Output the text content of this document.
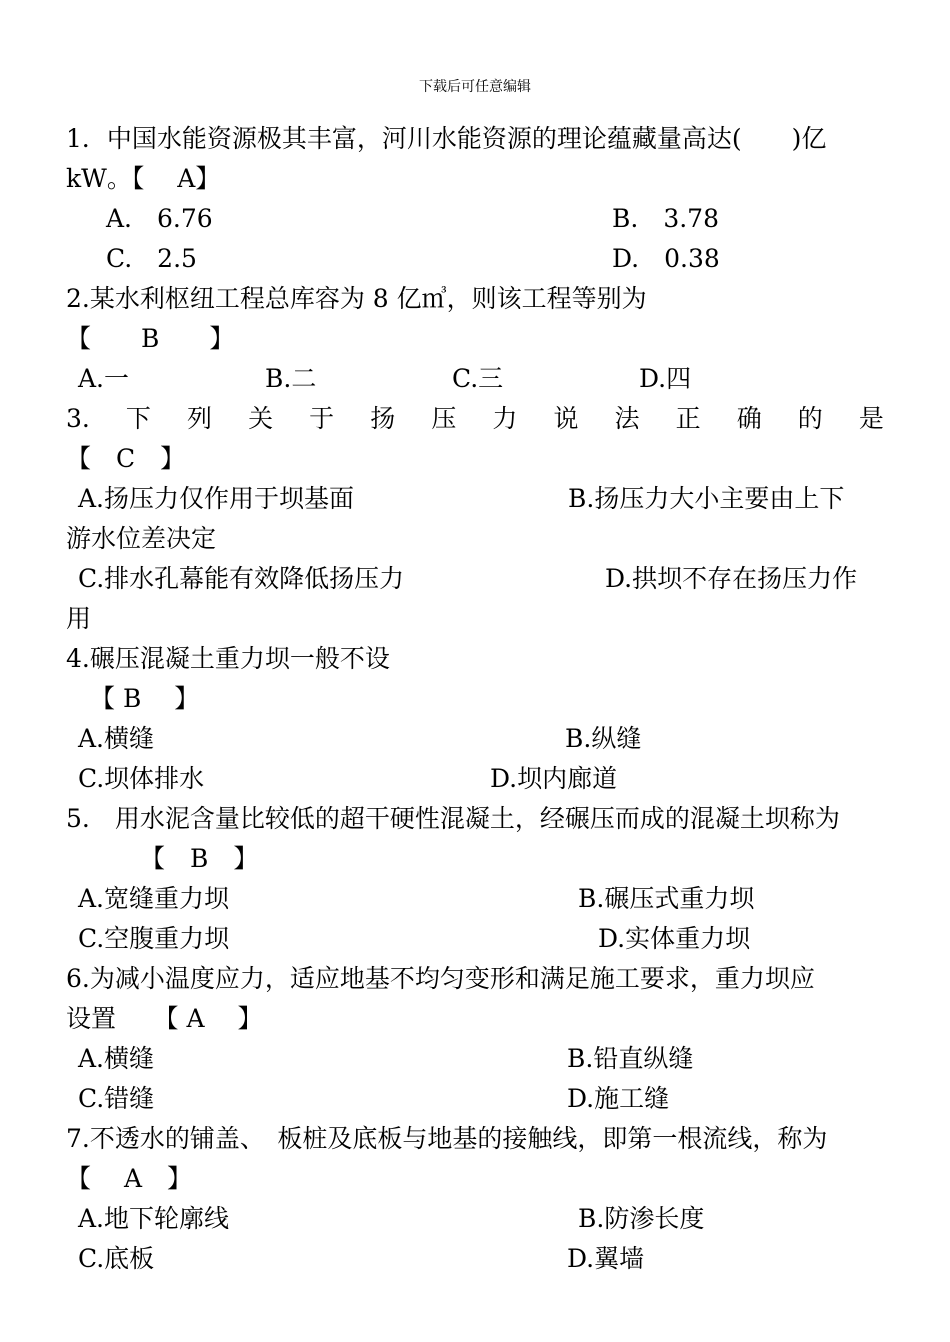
下载后可任意编辑
1．中国水能资源极其丰富，河川水能资源的理论蕴藏量高达(　　)亿
kW。【　 A】
A.　6.76	B.　3.78
C.　2.5	D.　0.38
2.某水利枢纽工程总库容为 8 亿㎥，则该工程等别为
【　　B　　】
A.一	B.二	C.三	D.四
3. 下 列 关 于 扬 压 力 说 法 正 确 的 是
【　C　】
A.扬压力仅作用于坝基面	B.扬压力大小主要由上下
游水位差决定
C.排水孔幕能有效降低扬压力	D.拱坝不存在扬压力作
用
4.碾压混凝土重力坝一般不设
【 B　 】
A.横缝	B.纵缝
C.坝体排水	D.坝内廊道
5.　用水泥含量比较低的超干硬性混凝土，经碾压而成的混凝土坝称为
【　B　】
A.宽缝重力坝	B.碾压式重力坝
C.空腹重力坝	D.实体重力坝
6.为减小温度应力，适应地基不均匀变形和满足施工要求，重力坝应
设置　　【 A　 】
A.横缝	B.铅直纵缝
C.错缝	D.施工缝
7.不透水的铺盖、　板桩及底板与地基的接触线，即第一根流线，称为
【　 A　】
A.地下轮廓线	B.防渗长度
C.底板	D.翼墙
